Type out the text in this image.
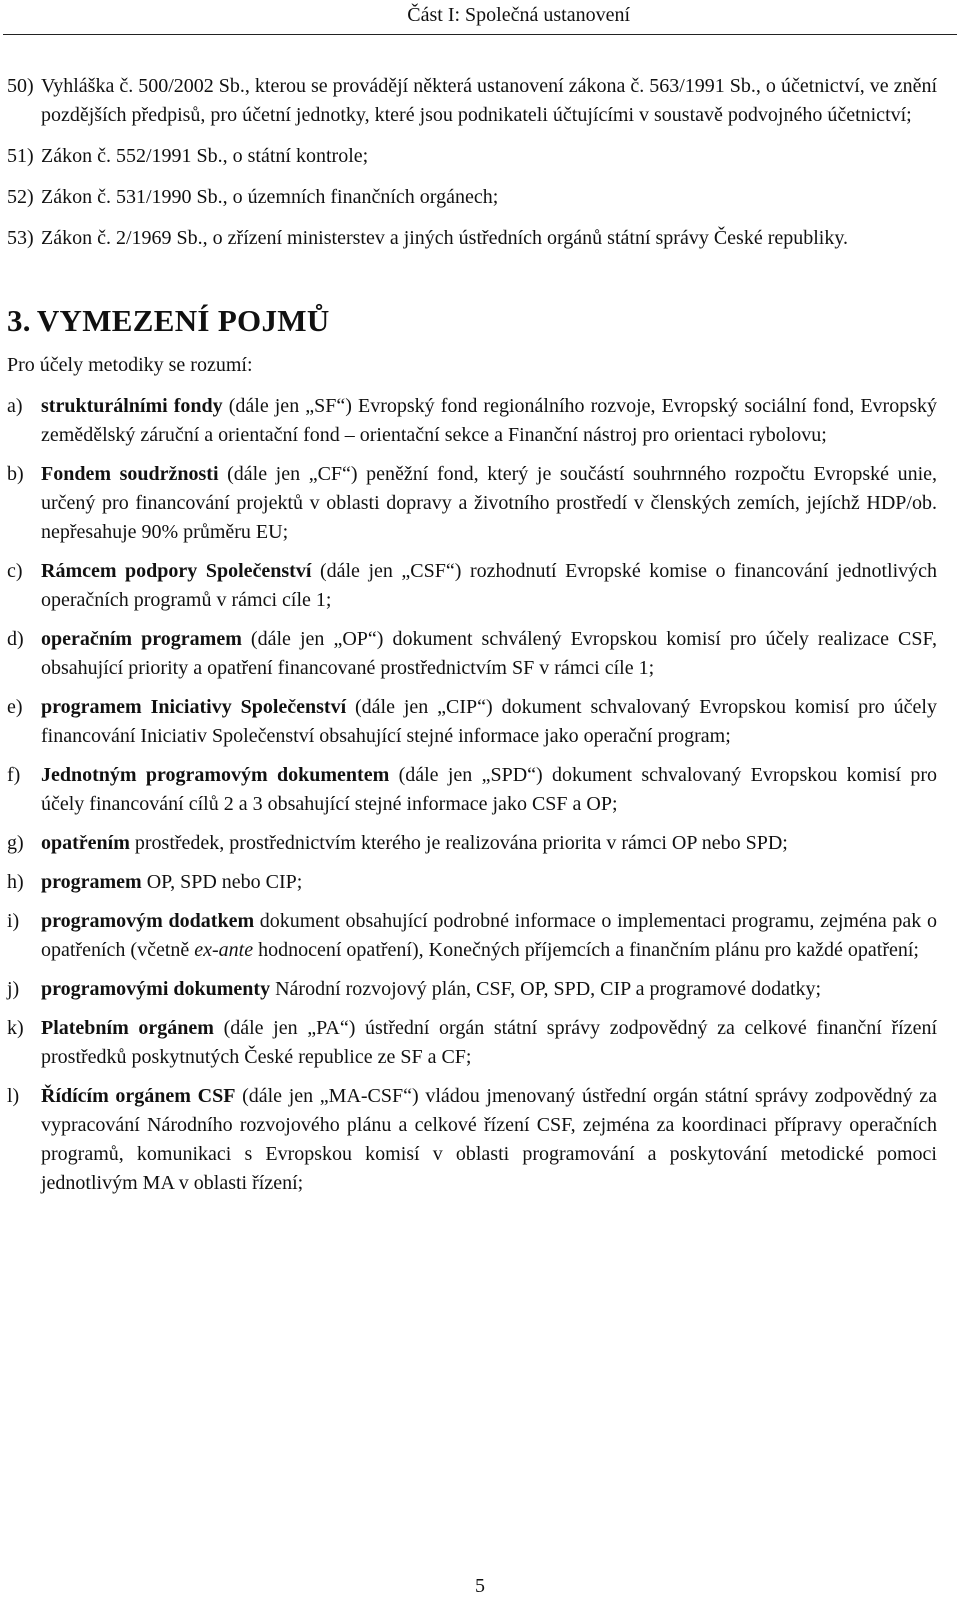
Část I: Společná ustanovení
50) Vyhláška č. 500/2002 Sb., kterou se provádějí některá ustanovení zákona č. 563/1991 Sb., o účetnictví, ve znění pozdějších předpisů, pro účetní jednotky, které jsou podnikateli účtujícími v soustavě podvojného účetnictví;
51) Zákon č. 552/1991 Sb., o státní kontrole;
52) Zákon č. 531/1990 Sb., o územních finančních orgánech;
53) Zákon č. 2/1969 Sb., o zřízení ministerstev a jiných ústředních orgánů státní správy České republiky.
3. VYMEZENÍ POJMŮ
Pro účely metodiky se rozumí:
a) strukturálními fondy (dále jen „SF“) Evropský fond regionálního rozvoje, Evropský sociální fond, Evropský zemědělský záruční a orientační fond – orientační sekce a Finanční nástroj pro orientaci rybolovu;
b) Fondem soudržnosti (dále jen „CF“) peněžní fond, který je součástí souhrnného rozpočtu Evropské unie, určený pro financování projektů v oblasti dopravy a životního prostředí v členských zemích, jejíchž HDP/ob. nepřesahuje 90% průměru EU;
c) Rámcem podpory Společenství (dále jen „CSF“) rozhodnutí Evropské komise o financování jednotlivých operačních programů v rámci cíle 1;
d) operačním programem (dále jen „OP“) dokument schválený Evropskou komisí pro účely realizace CSF, obsahující priority a opatření financované prostřednictvím SF v rámci cíle 1;
e) programem Iniciativy Společenství (dále jen „CIP“) dokument schvalovaný Evropskou komisí pro účely financování Iniciativ Společenství obsahující stejné informace jako operační program;
f)	Jednotným programovým dokumentem (dále jen „SPD“) dokument schvalovaný Evropskou komisí pro účely financování cílů 2 a 3 obsahující stejné informace jako CSF a OP;
g) opatřením prostředek, prostřednictvím kterého je realizována priorita v rámci OP nebo SPD;
h) programem OP, SPD nebo CIP;
i)	programovým dodatkem dokument obsahující podrobné informace o implementaci programu, zejména pak o opatřeních (včetně ex-ante hodnocení opatření), Konečných příjemcích a finančním plánu pro každé opatření;
j)	programovými dokumenty Národní rozvojový plán, CSF, OP, SPD, CIP a programové dodatky;
k) Platebním orgánem (dále jen „PA“) ústřední orgán státní správy zodpovědný za celkové finanční řízení prostředků poskytnutých České republice ze SF a CF;
l)	Řídícím orgánem CSF (dále jen „MA-CSF“) vládou jmenovaný ústřední orgán státní správy zodpovědný za vypracování Národního rozvojového plánu a celkové řízení CSF, zejména za koordinaci přípravy operačních programů, komunikaci s Evropskou komisí v oblasti programování a poskytování metodické pomoci jednotlivým MA v oblasti řízení;
5
